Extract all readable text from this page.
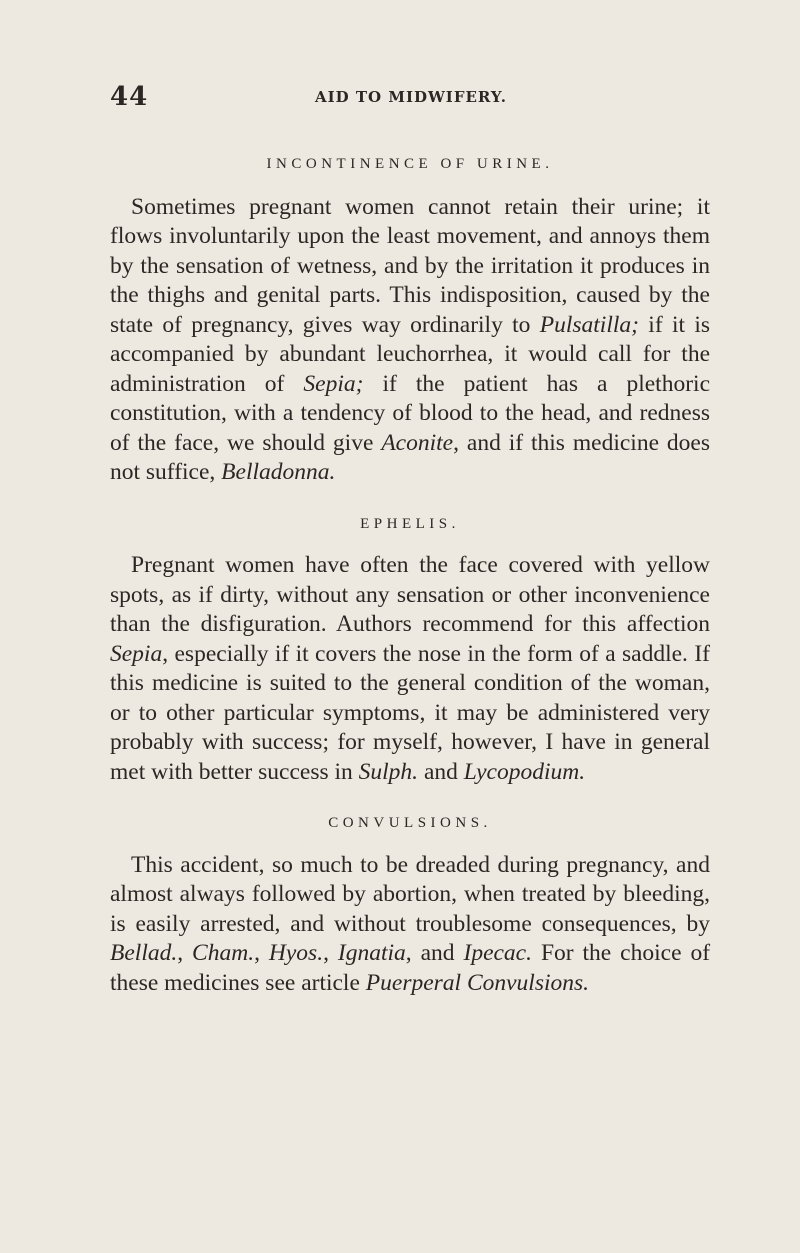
44	AID TO MIDWIFERY.
INCONTINENCE OF URINE.

Sometimes pregnant women cannot retain their urine; it flows involuntarily upon the least movement, and annoys them by the sensation of wetness, and by the irritation it produces in the thighs and genital parts. This indisposition, caused by the state of pregnancy, gives way ordinarily to Pulsatilla; if it is accompanied by abundant leuchorrhea, it would call for the administration of Sepia; if the patient has a plethoric constitution, with a tendency of blood to the head, and redness of the face, we should give Aconite, and if this medicine does not suffice, Belladonna.

EPHELIS.

Pregnant women have often the face covered with yellow spots, as if dirty, without any sensation or other inconvenience than the disfiguration. Authors recommend for this affection Sepia, especially if it covers the nose in the form of a saddle. If this medicine is suited to the general condition of the woman, or to other particular symptoms, it may be administered very probably with success; for myself, however, I have in general met with better success in Sulph. and Lycopodium.

CONVULSIONS.

This accident, so much to be dreaded during pregnancy, and almost always followed by abortion, when treated by bleeding, is easily arrested, and without troublesome consequences, by Bellad., Cham., Hyos., Ignatia, and Ipecac. For the choice of these medicines see article Puerperal Convulsions.
